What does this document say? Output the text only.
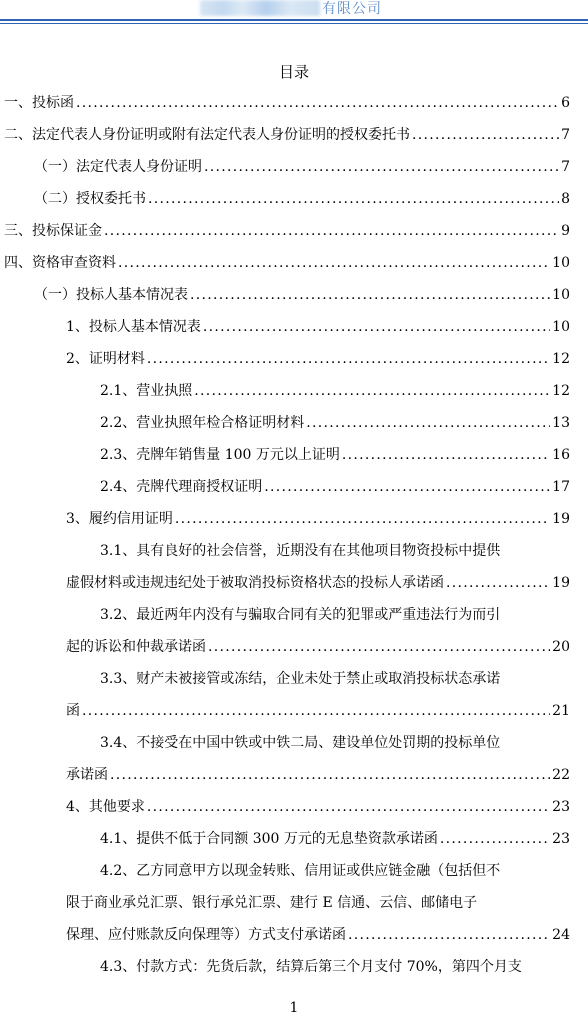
有限公司
目录
一、投标函 .....	6
二、法定代表人身份证明或附有法定代表人身份证明的授权委托书 .....	7
（一）法定代表人身份证明 .....	7
（二）授权委托书 .....	8
三、投标保证金 .....	9
四、资格审查资料 .....	10
（一）投标人基本情况表 .....	10
1、投标人基本情况表 .....	10
2、证明材料 .....	12
2.1、营业执照 .....	12
2.2、营业执照年检合格证明材料 .....	13
2.3、壳牌年销售量 100 万元以上证明 .....	16
2.4、壳牌代理商授权证明 .....	17
3、履约信用证明 .....	19
3.1、具有良好的社会信誉，近期没有在其他项目物资投标中提供
虚假材料或违规违纪处于被取消投标资格状态的投标人承诺函 .....	19
3.2、最近两年内没有与骗取合同有关的犯罪或严重违法行为而引
起的诉讼和仲裁承诺函 .....	20
3.3、财产未被接管或冻结，企业未处于禁止或取消投标状态承诺
函 .....	21
3.4、不接受在中国中铁或中铁二局、建设单位处罚期的投标单位
承诺函 .....	22
4、其他要求 .....	23
4.1、提供不低于合同额 300 万元的无息垫资款承诺函 .....	23
4.2、乙方同意甲方以现金转账、信用证或供应链金融（包括但不
限于商业承兑汇票、银行承兑汇票、建行 E 信通、云信、邮储电子
保理、应付账款反向保理等）方式支付承诺函 .....	24
4.3、付款方式：先货后款，结算后第三个月支付 70%，第四个月支
1
